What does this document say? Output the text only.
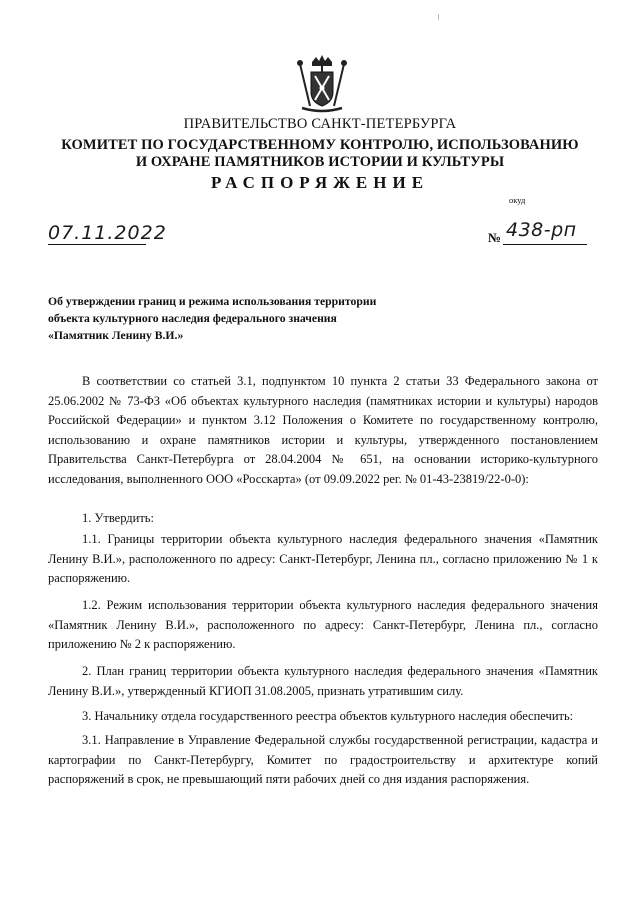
ПРАВИТЕЛЬСТВО САНКТ-ПЕТЕРБУРГА
КОМИТЕТ ПО ГОСУДАРСТВЕННОМУ КОНТРОЛЮ, ИСПОЛЬЗОВАНИЮ
И ОХРАНЕ ПАМЯТНИКОВ ИСТОРИИ И КУЛЬТУРЫ
РАСПОРЯЖЕНИЕ
окуд
07.11.2022	№ 438-рп
Об утверждении границ и режима использования территории
объекта культурного наследия федерального значения
«Памятник Ленину В.И.»
В соответствии со статьей 3.1, подпунктом 10 пункта 2 статьи 33 Федерального закона от 25.06.2002 № 73-ФЗ «Об объектах культурного наследия (памятниках истории и культуры) народов Российской Федерации» и пунктом 3.12 Положения о Комитете по государственному контролю, использованию и охране памятников истории и культуры, утвержденного постановлением Правительства Санкт-Петербурга от 28.04.2004 № 651, на основании историко-культурного исследования, выполненного ООО «Росскарта» (от 09.09.2022 рег. № 01-43-23819/22-0-0):
1. Утвердить:
1.1. Границы территории объекта культурного наследия федерального значения «Памятник Ленину В.И.», расположенного по адресу: Санкт-Петербург, Ленина пл., согласно приложению № 1 к распоряжению.
1.2. Режим использования территории объекта культурного наследия федерального значения «Памятник Ленину В.И.», расположенного по адресу: Санкт-Петербург, Ленина пл., согласно приложению № 2 к распоряжению.
2. План границ территории объекта культурного наследия федерального значения «Памятник Ленину В.И.», утвержденный КГИОП 31.08.2005, признать утратившим силу.
3. Начальнику отдела государственного реестра объектов культурного наследия обеспечить:
3.1. Направление в Управление Федеральной службы государственной регистрации, кадастра и картографии по Санкт-Петербургу, Комитет по градостроительству и архитектуре копий распоряжений в срок, не превышающий пяти рабочих дней со дня издания распоряжения.
